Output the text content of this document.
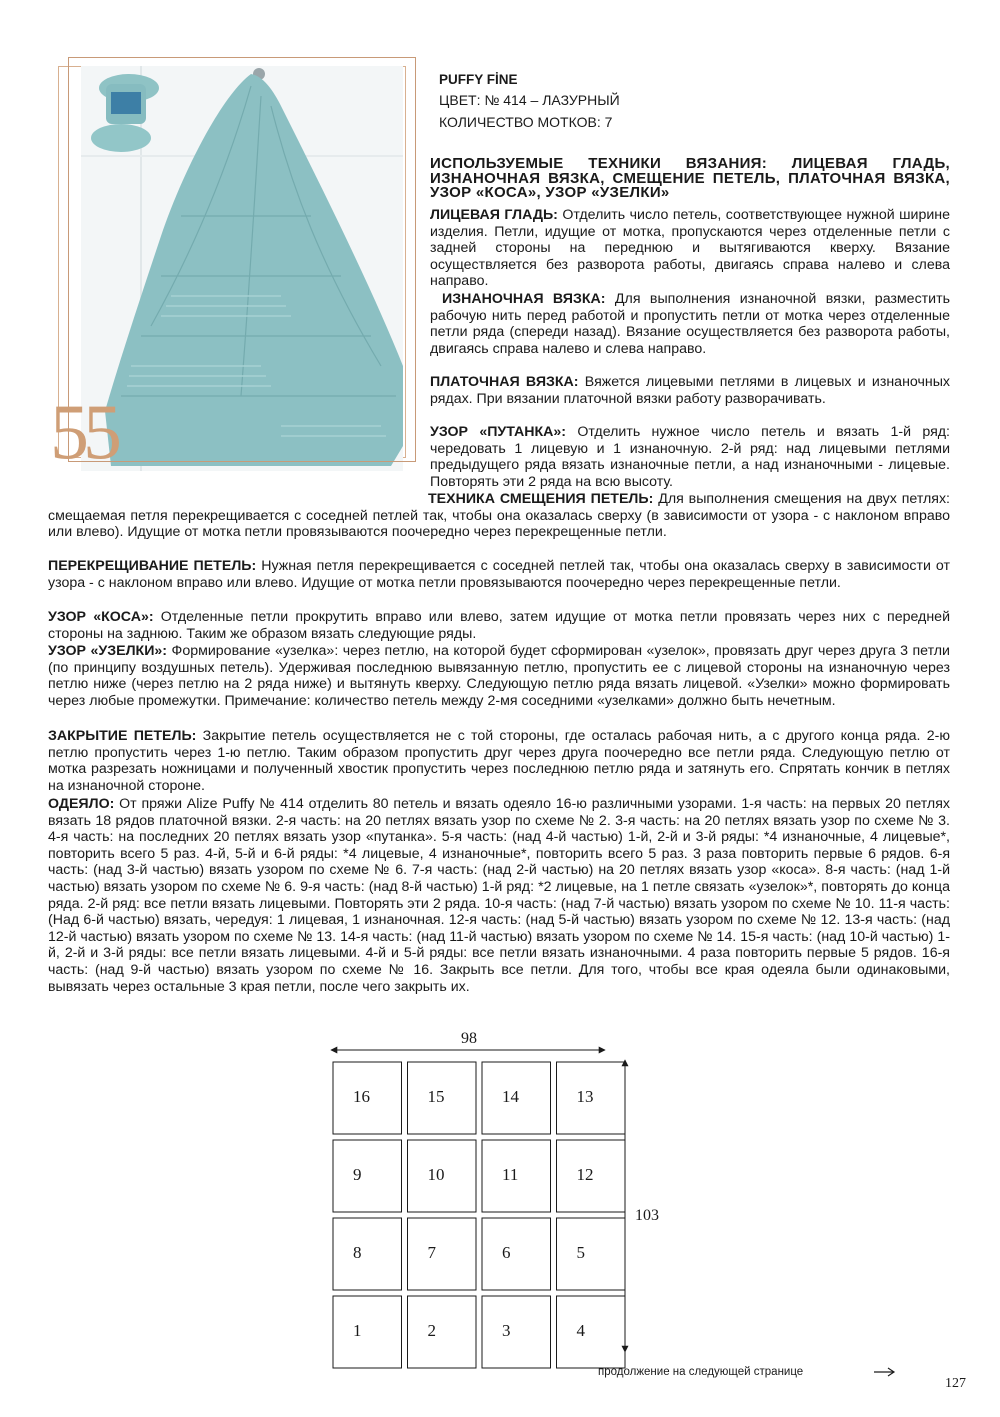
55
PUFFY FİNE
ЦВЕТ: № 414 – ЛАЗУРНЫЙ
КОЛИЧЕСТВО МОТКОВ: 7
ИСПОЛЬЗУЕМЫЕ ТЕХНИКИ ВЯЗАНИЯ: ЛИЦЕВАЯ ГЛАДЬ, ИЗНАНОЧНАЯ ВЯЗКА, СМЕЩЕНИЕ ПЕТЕЛЬ, ПЛАТОЧНАЯ ВЯЗКА, УЗОР «КОСА», УЗОР «УЗЕЛКИ»
ЛИЦЕВАЯ ГЛАДЬ: Отделить число петель, соответствующее нужной ширине изделия. Петли, идущие от мотка, пропускаются через отделенные петли с задней стороны на переднюю и вытягиваются кверху. Вязание осуществляется без разворота работы, двигаясь справа налево и слева направо.
ИЗНАНОЧНАЯ ВЯЗКА: Для выполнения изнаночной вязки, разместить рабочую нить перед работой и пропустить петли от мотка через отделенные петли ряда (спереди назад). Вязание осуществляется без разворота работы, двигаясь справа налево и слева направо.
ПЛАТОЧНАЯ ВЯЗКА: Вяжется лицевыми петлями в лицевых и изнаночных рядах. При вязании платочной вязки работу разворачивать.
УЗОР «ПУТАНКА»: Отделить нужное число петель и вязать 1-й ряд: чередовать 1 лицевую и 1 изнаночную. 2-й ряд: над лицевыми петлями предыдущего ряда вязать изнаночные петли, а над изнаночными - лицевые. Повторять эти 2 ряда на всю высоту.
ТЕХНИКА СМЕЩЕНИЯ ПЕТЕЛЬ: Для выполнения смещения на двух петлях: смещаемая петля перекрещивается с соседней петлей так, чтобы она оказалась сверху (в зависимости от узора - с наклоном вправо или влево). Идущие от мотка петли провязываются поочередно через перекрещенные петли.
ПЕРЕКРЕЩИВАНИЕ ПЕТЕЛЬ: Нужная петля перекрещивается с соседней петлей так, чтобы она оказалась сверху в зависимости от узора - с наклоном вправо или влево. Идущие от мотка петли провязываются поочередно через перекрещенные петли.
УЗОР «КОСА»: Отделенные петли прокрутить вправо или влево, затем идущие от мотка петли провязать через них с передней стороны на заднюю. Таким же образом вязать следующие ряды.
УЗОР «УЗЕЛКИ»: Формирование «узелка»: через петлю, на которой будет сформирован «узелок», провязать друг через друга 3 петли (по принципу воздушных петель). Удерживая последнюю вывязанную петлю, пропустить ее с лицевой стороны на изнаночную через петлю ниже (через петлю на 2 ряда ниже) и вытянуть кверху. Следующую петлю ряда вязать лицевой. «Узелки» можно формировать через любые промежутки. Примечание: количество петель между 2-мя соседними «узелками» должно быть нечетным.
ЗАКРЫТИЕ ПЕТЕЛЬ: Закрытие петель осуществляется не с той стороны, где осталась рабочая нить, а с другого конца ряда. 2-ю петлю пропустить через 1-ю петлю. Таким образом пропустить друг через друга поочередно все петли ряда. Следующую петлю от мотка разрезать ножницами и полученный хвостик пропустить через последнюю петлю ряда и затянуть его. Спрятать кончик в петлях на изнаночной стороне.
ОДЕЯЛО: От пряжи Alize Puffy № 414 отделить 80 петель и вязать одеяло 16-ю различными узорами. 1-я часть: на первых 20 петлях вязать 18 рядов платочной вязки. 2-я часть: на 20 петлях вязать узор по схеме № 2. 3-я часть: на 20 петлях вязать узор по схеме № 3. 4-я часть: на последних 20 петлях вязать узор «путанка». 5-я часть: (над 4-й частью) 1-й, 2-й и 3-й ряды: *4 изнаночные, 4 лицевые*, повторить всего 5 раз. 4-й, 5-й и 6-й ряды: *4 лицевые, 4 изнаночные*, повторить всего 5 раз. 3 раза повторить первые 6 рядов. 6-я часть: (над 3-й частью) вязать узором по схеме № 6. 7-я часть: (над 2-й частью) на 20 петлях вязать узор «коса». 8-я часть: (над 1-й частью) вязать узором по схеме № 6. 9-я часть: (над 8-й частью) 1-й ряд: *2 лицевые, на 1 петле связать «узелок»*, повторять до конца ряда. 2-й ряд: все петли вязать лицевыми. Повторять эти 2 ряда. 10-я часть: (над 7-й частью) вязать узором по схеме № 10. 11-я часть: (Над 6-й частью) вязать, чередуя: 1 лицевая, 1 изнаночная. 12-я часть: (над 5-й частью) вязать узором по схеме № 12. 13-я часть: (над 12-й частью) вязать узором по схеме № 13. 14-я часть: (над 11-й частью) вязать узором по схеме № 14. 15-я часть: (над 10-й частью) 1-й, 2-й и 3-й ряды: все петли вязать лицевыми. 4-й и 5-й ряды: все петли вязать изнаночными. 4 раза повторить первые 5 рядов. 16-я часть: (над 9-й частью) вязать узором по схеме № 16. Закрыть все петли. Для того, чтобы все края одеяла были одинаковыми, вывязать через остальные 3 края петли, после чего закрыть их.
98
103
16	15	14	13
9	10	11	12
8	7	6	5
1	2	3	4
продолжение на следующей странице
127
